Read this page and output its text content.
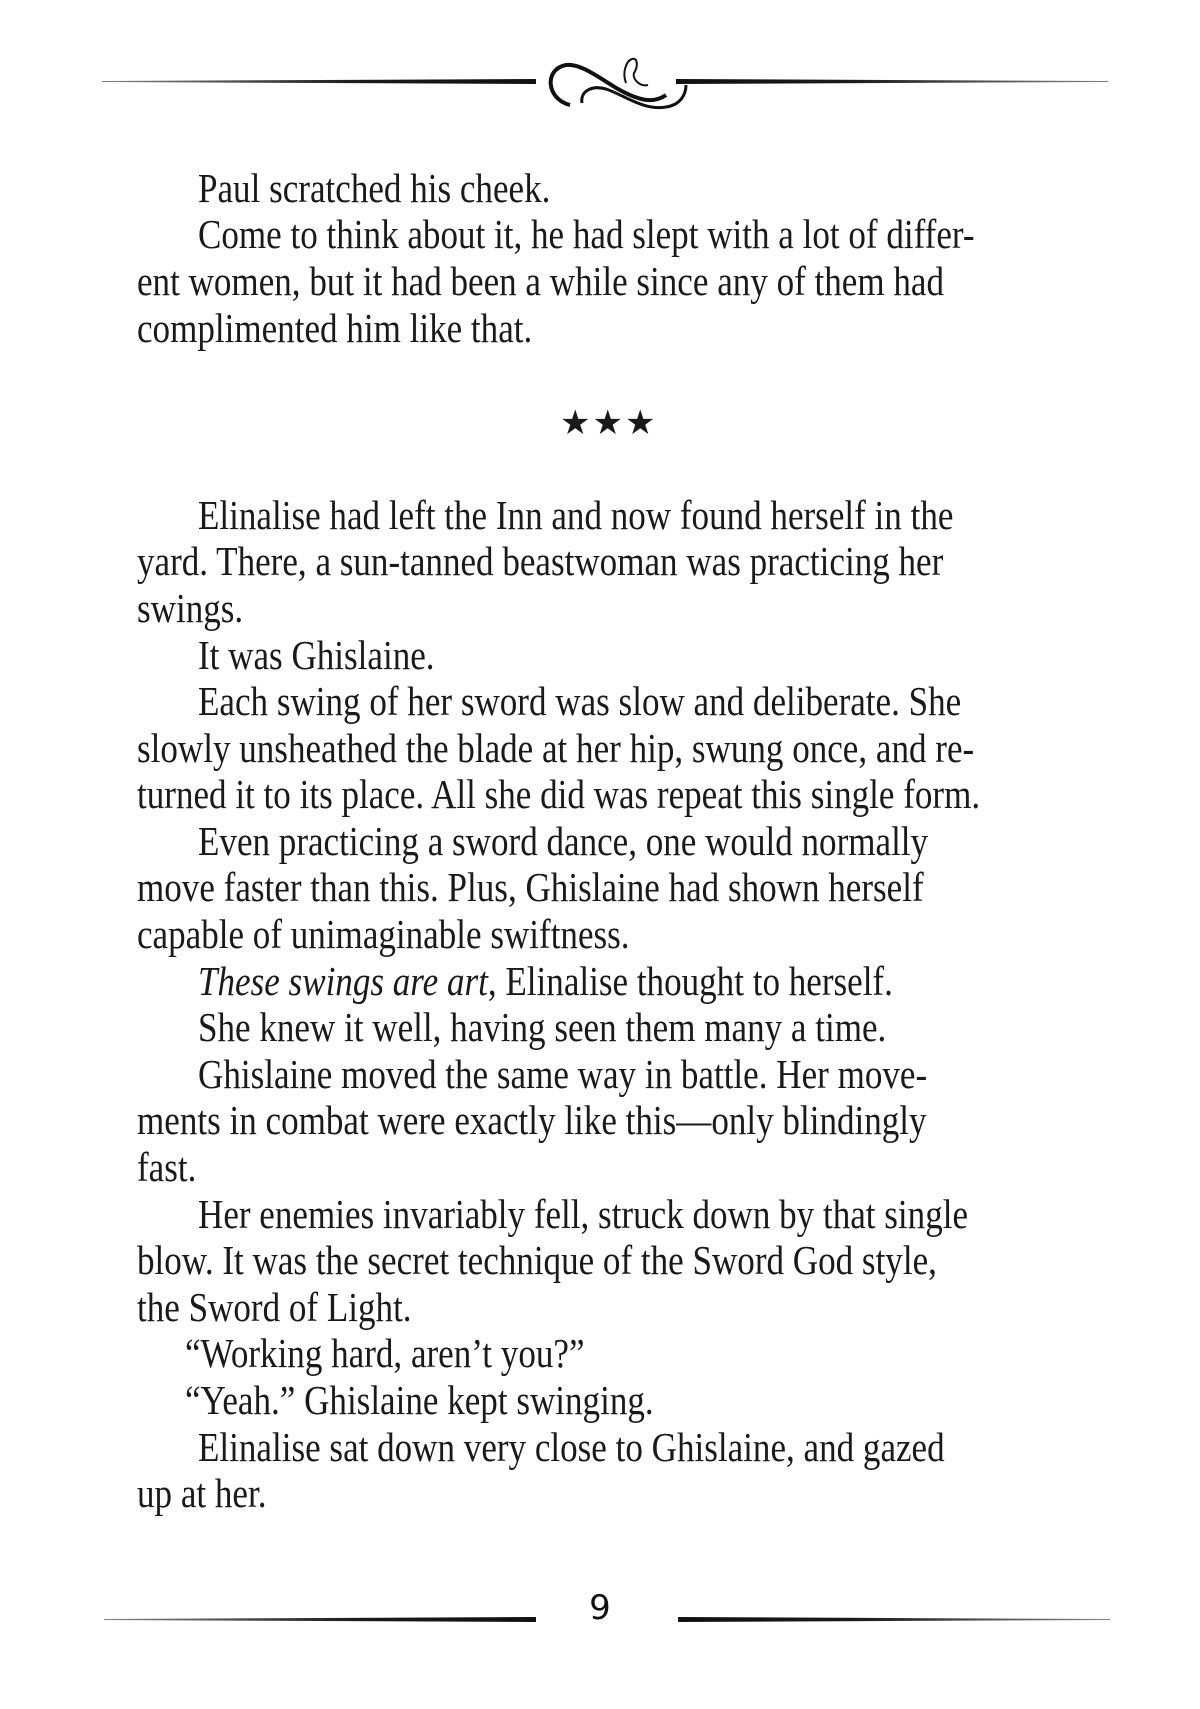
Paul scratched his cheek.
Come to think about it, he had slept with a lot of differ-
ent women, but it had been a while since any of them had
complimented him like that.
★★★
Elinalise had left the Inn and now found herself in the
yard. There, a sun-tanned beastwoman was practicing her
swings.
It was Ghislaine.
Each swing of her sword was slow and deliberate. She
slowly unsheathed the blade at her hip, swung once, and re-
turned it to its place. All she did was repeat this single form.
Even practicing a sword dance, one would normally
move faster than this. Plus, Ghislaine had shown herself
capable of unimaginable swiftness.
These swings are art, Elinalise thought to herself.
She knew it well, having seen them many a time.
Ghislaine moved the same way in battle. Her move-
ments in combat were exactly like this—only blindingly
fast.
Her enemies invariably fell, struck down by that single
blow. It was the secret technique of the Sword God style,
the Sword of Light.
“Working hard, aren’t you?”
“Yeah.” Ghislaine kept swinging.
Elinalise sat down very close to Ghislaine, and gazed
up at her.
9
